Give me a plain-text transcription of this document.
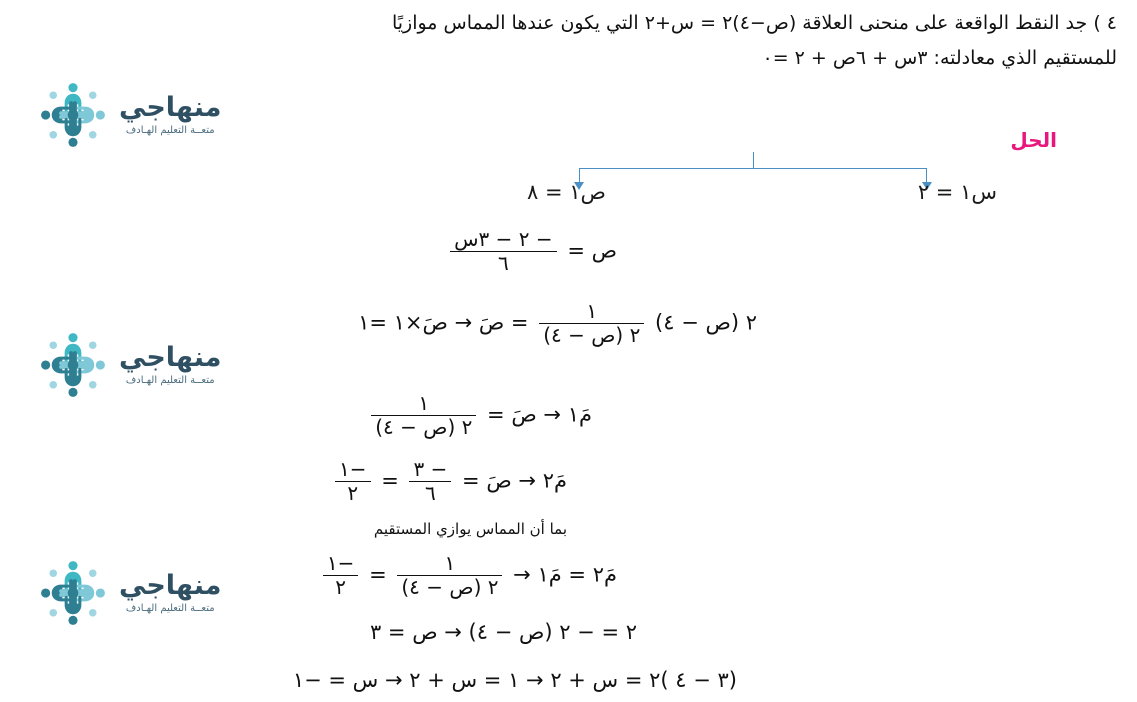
٤ ) جد النقط الواقعة على منحنى العلاقة (ص−٤)٢ = س+٢ التي يكون عندها المماس موازيًا
للمستقيم الذي معادلته: ٣س + ٦ص + ٢ =٠
الحل
منهاجي
متعــة التعليم الهـادف
منهاجي
متعــة التعليم الهـادف
منهاجي
متعــة التعليم الهـادف
س١ = ٢
ص١ = ٨
ص =
$\frac{\text{− ٢ − ٣س}}{٦}$
٢ (ص − ٤)
$\frac{١}{\text{٢ (ص − ٤)}}$
= صَ → صَ×١ =١
مَ١ → صَ =
$\frac{١}{\text{٢ (ص − ٤)}}$
مَ٢ → صَ =
$\frac{- ٣}{٦}$
=
$\frac{-١}{٢}$
بما أن المماس يوازي المستقيم
مَ٢ = مَ١ →
$\frac{١}{\text{٢ (ص − ٤)}}$
=
$\frac{-١}{٢}$
٢ = − ٢ (ص − ٤) → ص = ٣
(٣ − ٤ )٢ = س + ٢ → ١ = س + ٢ → س = −١
